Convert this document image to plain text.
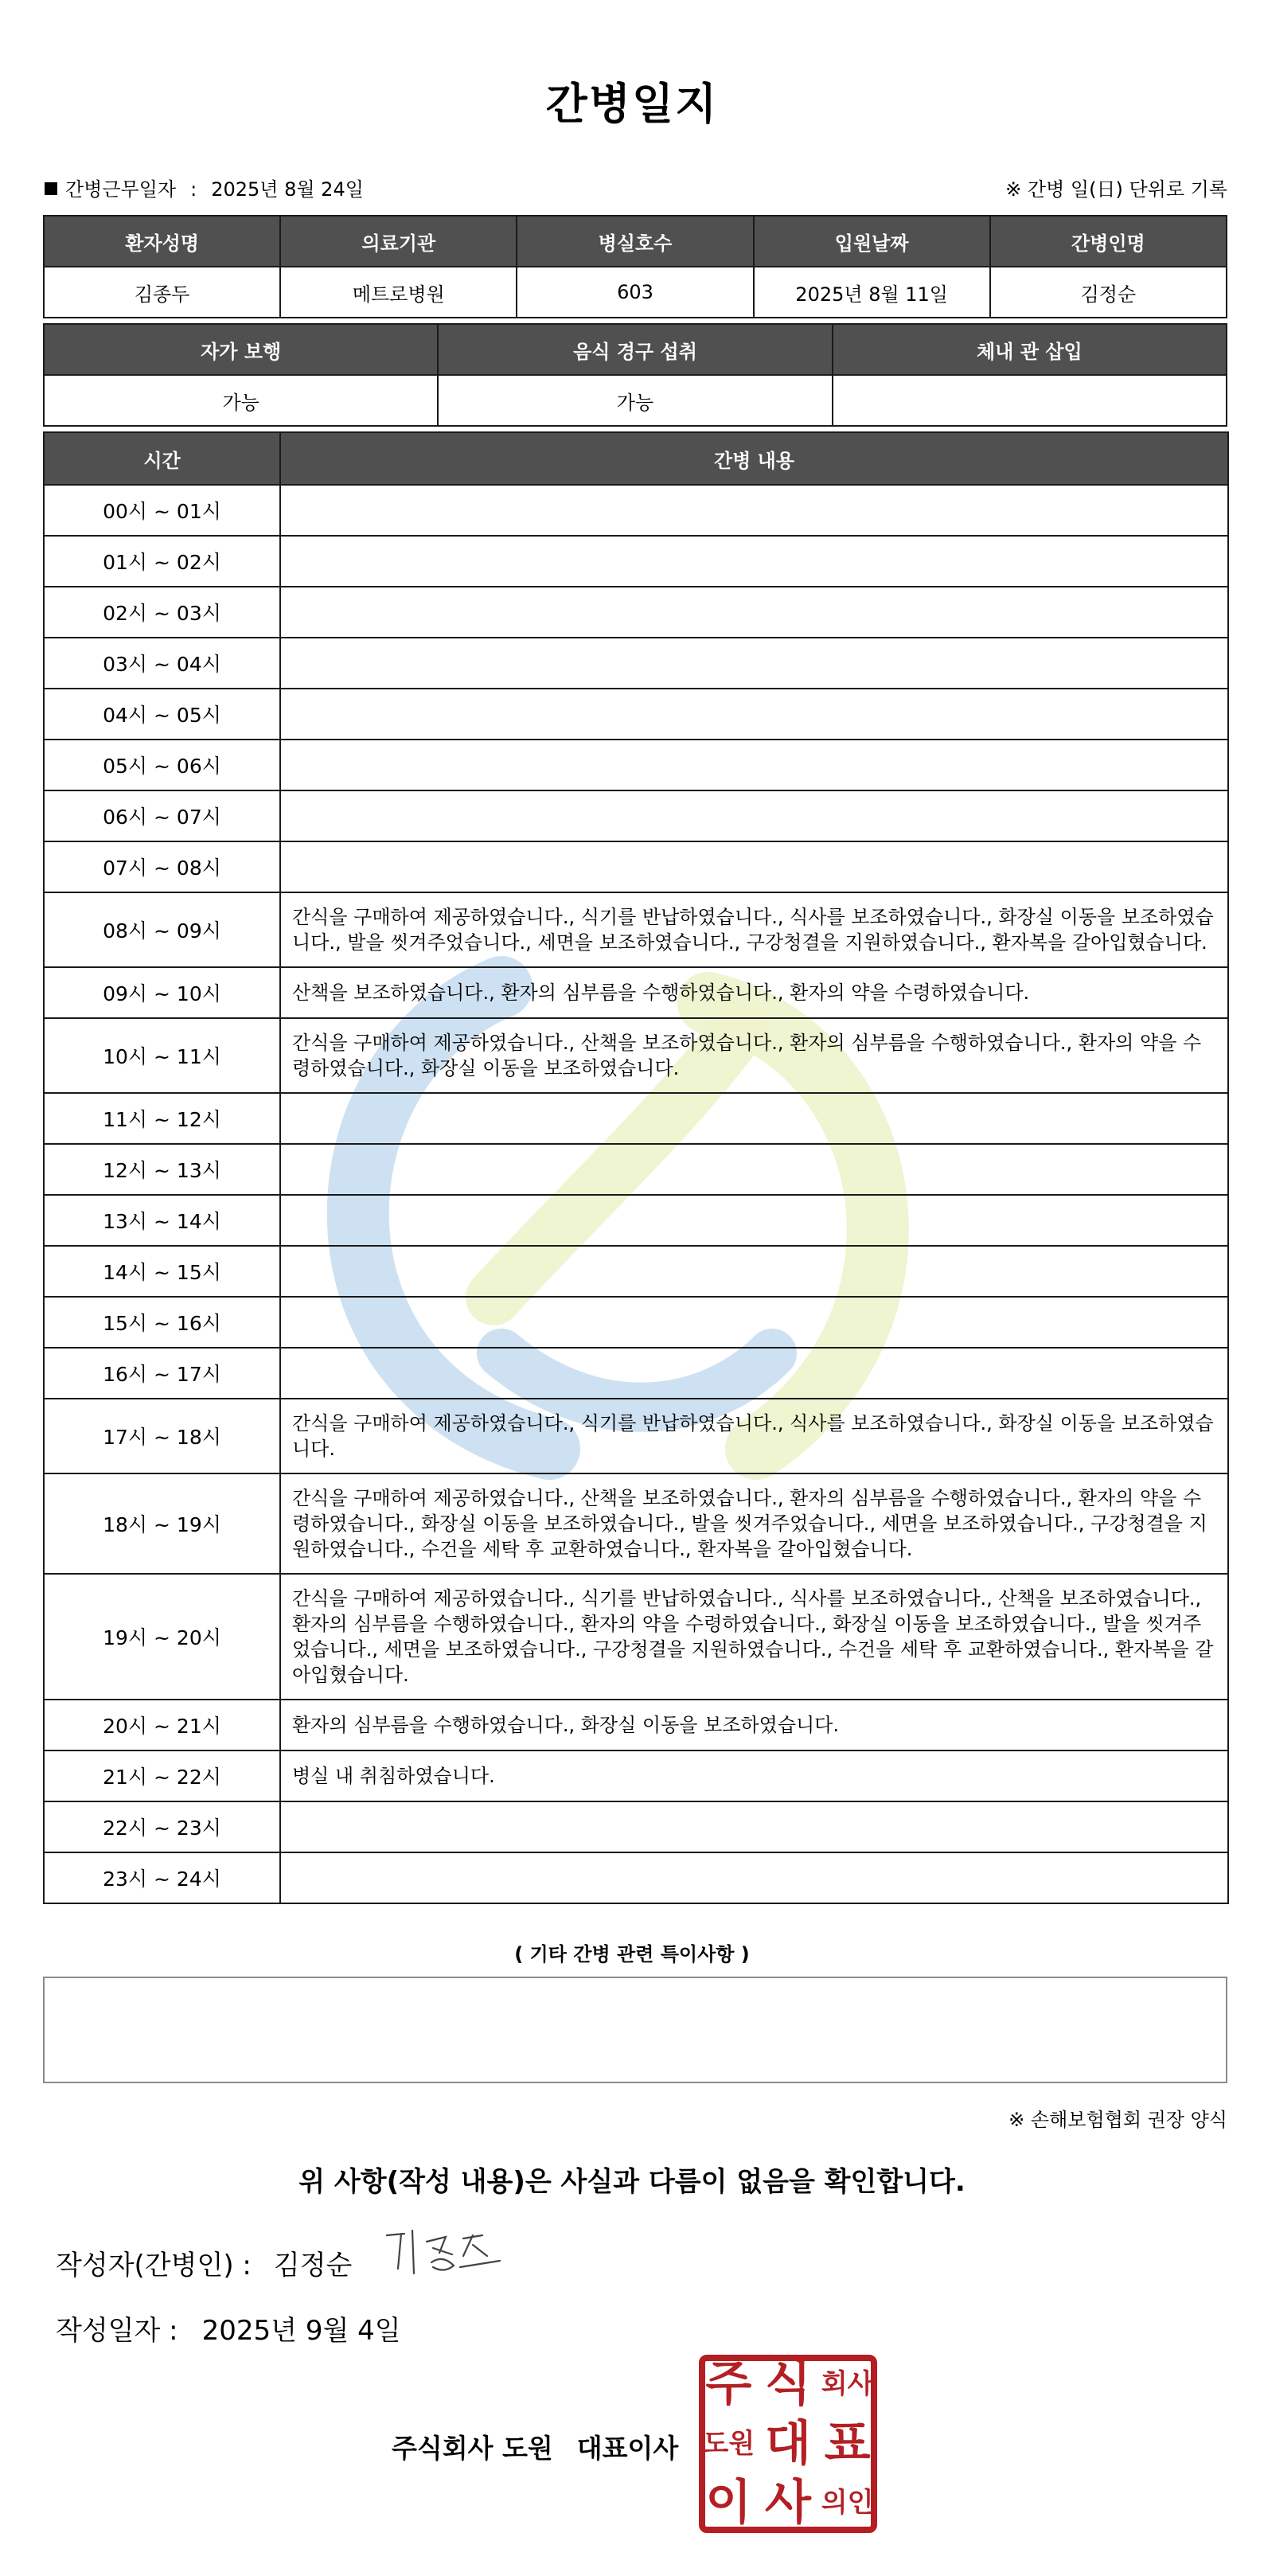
간병일지
간병근무일자 : 2025년 8월 24일	※ 간병 일(日) 단위로 기록
환자성명	의료기관	병실호수	입원날짜	간병인명
김종두	메트로병원	603	2025년 8월 11일	김정순
자가 보행	음식 경구 섭취	체내 관 삽입
가능	가능	
시간	간병 내용
00시 ~ 01시	
01시 ~ 02시	
02시 ~ 03시	
03시 ~ 04시	
04시 ~ 05시	
05시 ~ 06시	
06시 ~ 07시	
07시 ~ 08시	
08시 ~ 09시	간식을 구매하여 제공하였습니다., 식기를 반납하였습니다., 식사를 보조하였습니다., 화장실 이동을 보조하였습니다., 발을 씻겨주었습니다., 세면을 보조하였습니다., 구강청결을 지원하였습니다., 환자복을 갈아입혔습니다.
09시 ~ 10시	산책을 보조하였습니다., 환자의 심부름을 수행하였습니다., 환자의 약을 수령하였습니다.
10시 ~ 11시	간식을 구매하여 제공하였습니다., 산책을 보조하였습니다., 환자의 심부름을 수행하였습니다., 환자의 약을 수령하였습니다., 화장실 이동을 보조하였습니다.
11시 ~ 12시	
12시 ~ 13시	
13시 ~ 14시	
14시 ~ 15시	
15시 ~ 16시	
16시 ~ 17시	
17시 ~ 18시	간식을 구매하여 제공하였습니다., 식기를 반납하였습니다., 식사를 보조하였습니다., 화장실 이동을 보조하였습니다.
18시 ~ 19시	간식을 구매하여 제공하였습니다., 산책을 보조하였습니다., 환자의 심부름을 수행하였습니다., 환자의 약을 수령하였습니다., 화장실 이동을 보조하였습니다., 발을 씻겨주었습니다., 세면을 보조하였습니다., 구강청결을 지원하였습니다., 수건을 세탁 후 교환하였습니다., 환자복을 갈아입혔습니다.
19시 ~ 20시	간식을 구매하여 제공하였습니다., 식기를 반납하였습니다., 식사를 보조하였습니다., 산책을 보조하였습니다., 환자의 심부름을 수행하였습니다., 환자의 약을 수령하였습니다., 화장실 이동을 보조하였습니다., 발을 씻겨주었습니다., 세면을 보조하였습니다., 구강청결을 지원하였습니다., 수건을 세탁 후 교환하였습니다., 환자복을 갈아입혔습니다.
20시 ~ 21시	환자의 심부름을 수행하였습니다., 화장실 이동을 보조하였습니다.
21시 ~ 22시	병실 내 취침하였습니다.
22시 ~ 23시	
23시 ~ 24시	
( 기타 간병 관련 특이사항 )
※ 손해보험협회 권장 양식
위 사항(작성 내용)은 사실과 다름이 없음을 확인합니다.
작성자(간병인) : 김정순
작성일자 : 2025년 9월 4일
주식회사 도원 대표이사
주 식 회사
도원 대 표
이 사 의인
